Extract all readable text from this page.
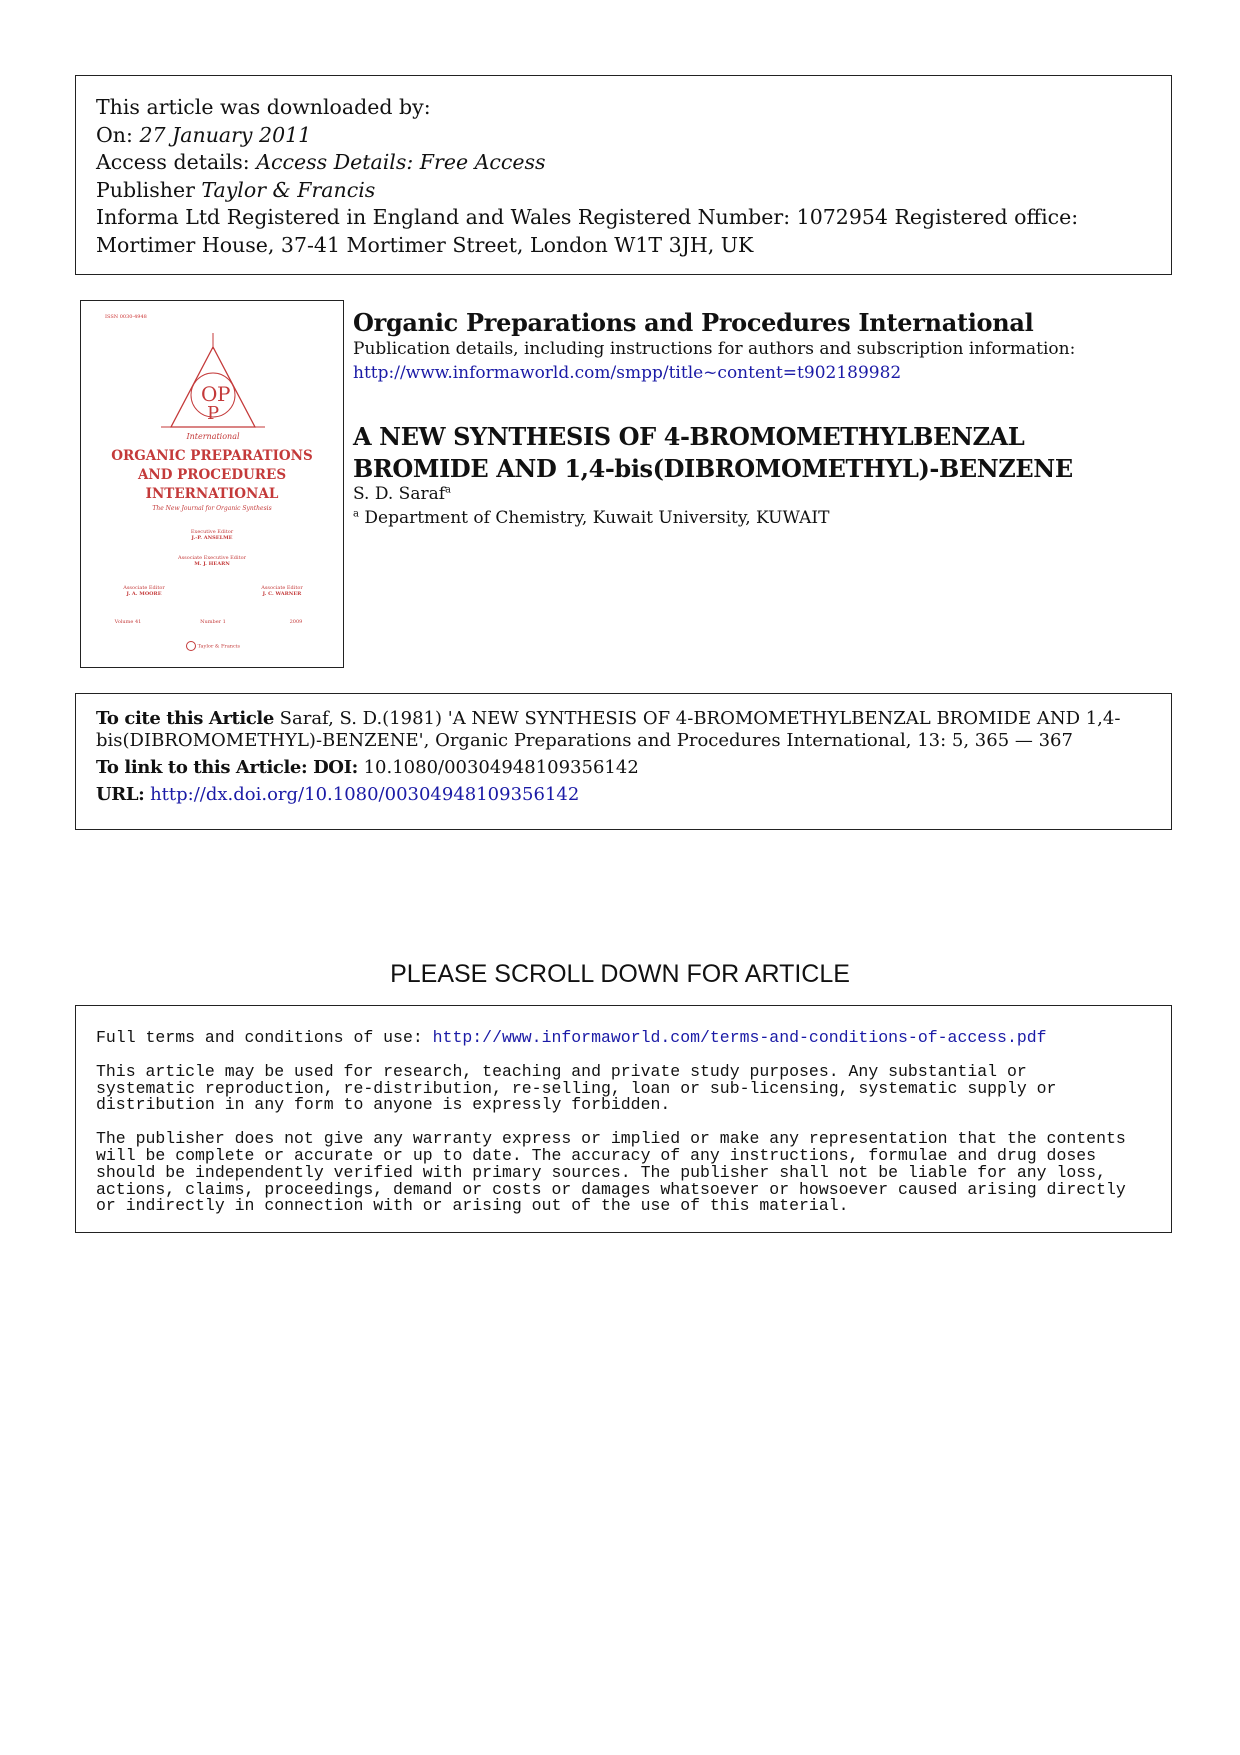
This article was downloaded by:
On: 27 January 2011
Access details: Access Details: Free Access
Publisher Taylor & Francis
Informa Ltd Registered in England and Wales Registered Number: 1072954 Registered office: Mortimer House, 37-41 Mortimer Street, London W1T 3JH, UK
ISSN 0030-4948
O P
P
International
ORGANIC PREPARATIONS
AND PROCEDURES
INTERNATIONAL
The New Journal for Organic Synthesis
Executive Editor
J.-P. ANSELME
Associate Executive Editor
M. J. HEARN
Associate Editor
J. A. MOORE
Associate Editor
J. C. WARNER
Volume 41	Number 1	2009
Taylor & Francis
Organic Preparations and Procedures International
Publication details, including instructions for authors and subscription information:
http://www.informaworld.com/smpp/title~content=t902189982
A NEW SYNTHESIS OF 4-BROMOMETHYLBENZAL BROMIDE AND 1,4-bis(DIBROMOMETHYL)-BENZENE
S. D. Saraf$^a$
$^a$ Department of Chemistry, Kuwait University, KUWAIT
To cite this Article Saraf, S. D.(1981) 'A NEW SYNTHESIS OF 4-BROMOMETHYLBENZAL BROMIDE AND 1,4-bis(DIBROMOMETHYL)-BENZENE', Organic Preparations and Procedures International, 13: 5, 365 — 367
To link to this Article: DOI: 10.1080/00304948109356142
URL: http://dx.doi.org/10.1080/00304948109356142
PLEASE SCROLL DOWN FOR ARTICLE
Full terms and conditions of use: http://www.informaworld.com/terms-and-conditions-of-access.pdf
This article may be used for research, teaching and private study purposes. Any substantial or
systematic reproduction, re-distribution, re-selling, loan or sub-licensing, systematic supply or
distribution in any form to anyone is expressly forbidden.
The publisher does not give any warranty express or implied or make any representation that the contents
will be complete or accurate or up to date. The accuracy of any instructions, formulae and drug doses
should be independently verified with primary sources. The publisher shall not be liable for any loss,
actions, claims, proceedings, demand or costs or damages whatsoever or howsoever caused arising directly
or indirectly in connection with or arising out of the use of this material.
